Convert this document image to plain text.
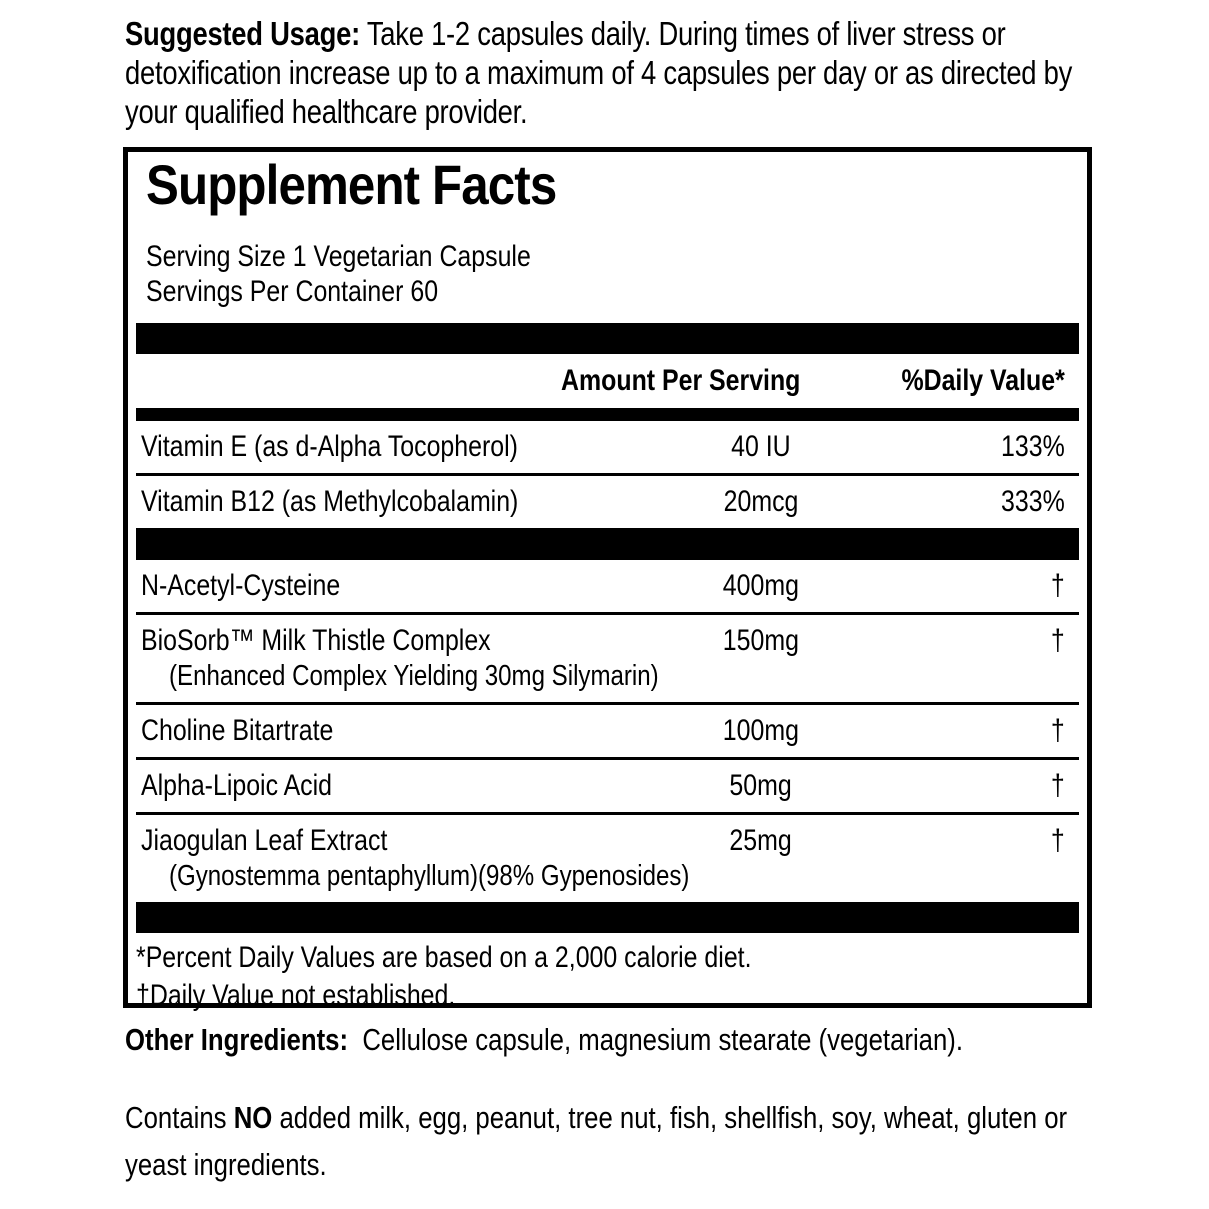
Suggested Usage: Take 1-2 capsules daily. During times of liver stress or detoxification increase up to a maximum of 4 capsules per day or as directed by your qualified healthcare provider.
Supplement Facts
Serving Size 1 Vegetarian Capsule
Servings Per Container 60
Amount Per Serving	%Daily Value*
Vitamin E (as d-Alpha Tocopherol)	40 IU	133%
Vitamin B12 (as Methylcobalamin)	20mcg	333%
N-Acetyl-Cysteine	400mg	†
BioSorb™ Milk Thistle Complex	150mg	†
(Enhanced Complex Yielding 30mg Silymarin)
Choline Bitartrate	100mg	†
Alpha-Lipoic Acid	50mg	†
Jiaogulan Leaf Extract	25mg	†
(Gynostemma pentaphyllum)(98% Gypenosides)
*Percent Daily Values are based on a 2,000 calorie diet.
†Daily Value not established.
Other Ingredients: Cellulose capsule, magnesium stearate (vegetarian).
Contains NO added milk, egg, peanut, tree nut, fish, shellfish, soy, wheat, gluten or yeast ingredients.
